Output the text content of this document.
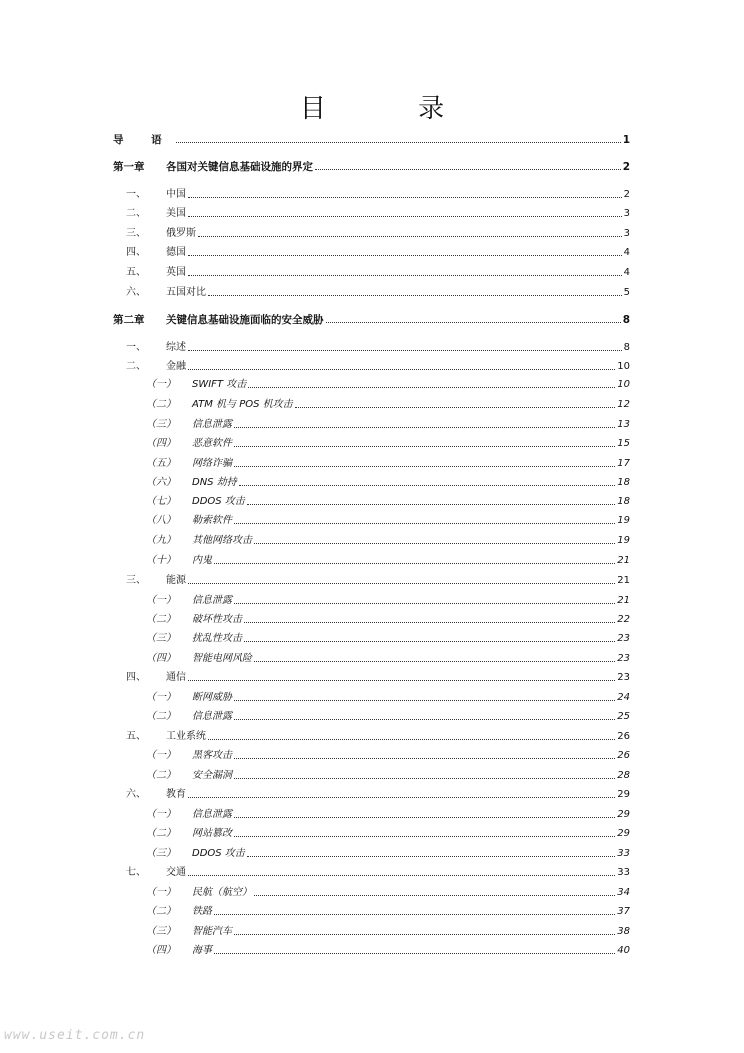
目 录
导 语	1
第一章	各国对关键信息基础设施的界定	2
一、	中国	2
二、	美国	3
三、	俄罗斯	3
四、	德国	4
五、	英国	4
六、	五国对比	5
第二章	关键信息基础设施面临的安全威胁	8
一、	综述	8
二、	金融	10
（一）	SWIFT 攻击	10
（二）	ATM 机与 POS 机攻击	12
（三）	信息泄露	13
（四）	恶意软件	15
（五）	网络诈骗	17
（六）	DNS 劫持	18
（七）	DDOS 攻击	18
（八）	勒索软件	19
（九）	其他网络攻击	19
（十）	内鬼	21
三、	能源	21
（一）	信息泄露	21
（二）	破坏性攻击	22
（三）	扰乱性攻击	23
（四）	智能电网风险	23
四、	通信	23
（一）	断网威胁	24
（二）	信息泄露	25
五、	工业系统	26
（一）	黑客攻击	26
（二）	安全漏洞	28
六、	教育	29
（一）	信息泄露	29
（二）	网站篡改	29
（三）	DDOS 攻击	33
七、	交通	33
（一）	民航（航空）	34
（二）	铁路	37
（三）	智能汽车	38
（四）	海事	40
www.useit.com.cn
